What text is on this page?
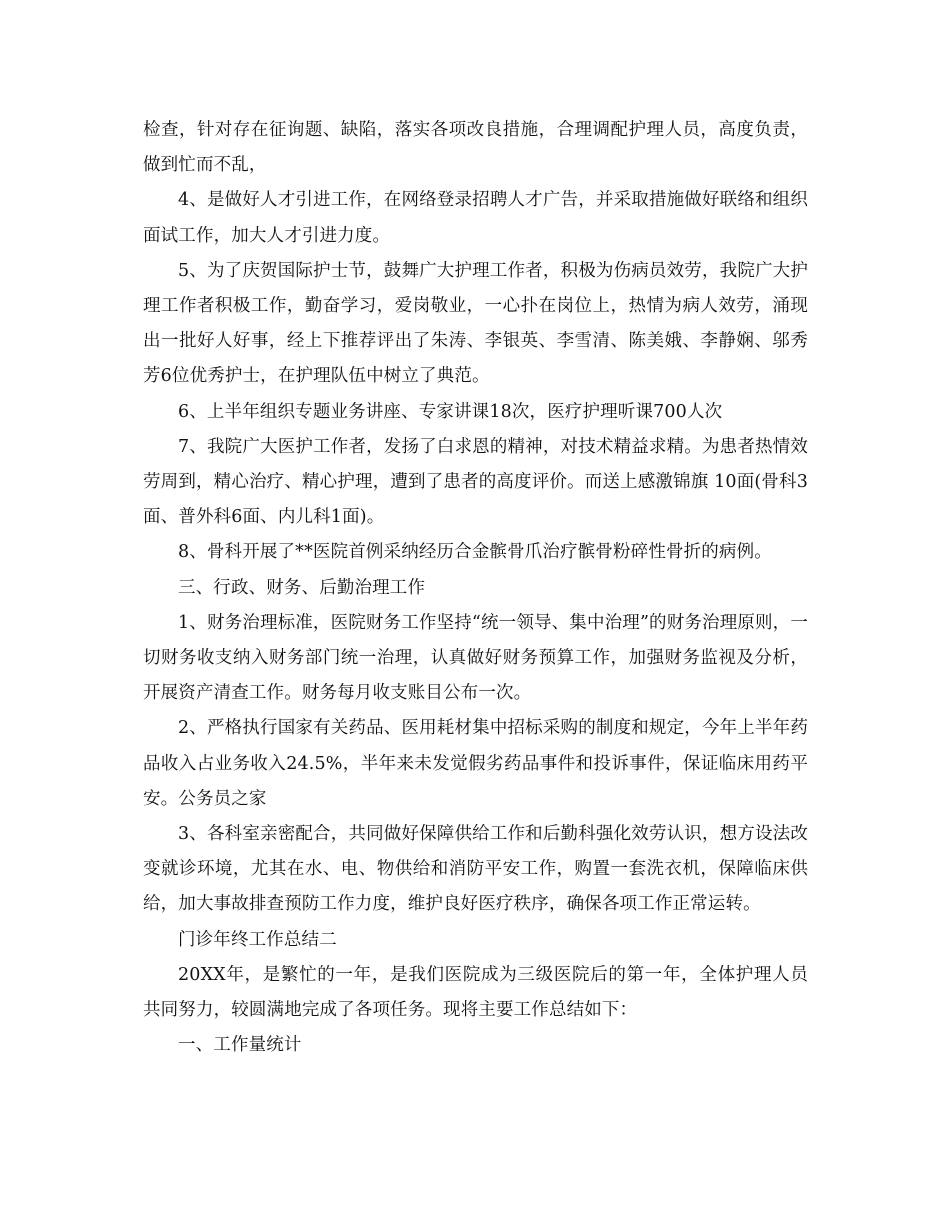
检查，针对存在征询题、缺陷，落实各项改良措施，合理调配护理人员，高度负责，做到忙而不乱，

4、是做好人才引进工作，在网络登录招聘人才广告，并采取措施做好联络和组织面试工作，加大人才引进力度。

5、为了庆贺国际护士节，鼓舞广大护理工作者，积极为伤病员效劳，我院广大护理工作者积极工作，勤奋学习，爱岗敬业，一心扑在岗位上，热情为病人效劳，涌现出一批好人好事，经上下推荐评出了朱涛、李银英、李雪清、陈美娥、李静娴、邬秀芳6位优秀护士，在护理队伍中树立了典范。

6、上半年组织专题业务讲座、专家讲课18次，医疗护理听课700人次

7、我院广大医护工作者，发扬了白求恩的精神，对技术精益求精。为患者热情效劳周到，精心治疗、精心护理，遭到了患者的高度评价。而送上感激锦旗 10面(骨科3面、普外科6面、内儿科1面)。

8、骨科开展了**医院首例采纳经历合金髌骨爪治疗髌骨粉碎性骨折的病例。

三、行政、财务、后勤治理工作

1、财务治理标准，医院财务工作坚持“统一领导、集中治理”的财务治理原则，一切财务收支纳入财务部门统一治理，认真做好财务预算工作，加强财务监视及分析，开展资产清查工作。财务每月收支账目公布一次。

2、严格执行国家有关药品、医用耗材集中招标采购的制度和规定，今年上半年药品收入占业务收入24.5%，半年来未发觉假劣药品事件和投诉事件，保证临床用药平安。公务员之家

3、各科室亲密配合，共同做好保障供给工作和后勤科强化效劳认识，想方设法改变就诊环境，尤其在水、电、物供给和消防平安工作，购置一套洗衣机，保障临床供给，加大事故排查预防工作力度，维护良好医疗秩序，确保各项工作正常运转。

门诊年终工作总结二

20XX年，是繁忙的一年，是我们医院成为三级医院后的第一年，全体护理人员共同努力，较圆满地完成了各项任务。现将主要工作总结如下：

一、工作量统计
